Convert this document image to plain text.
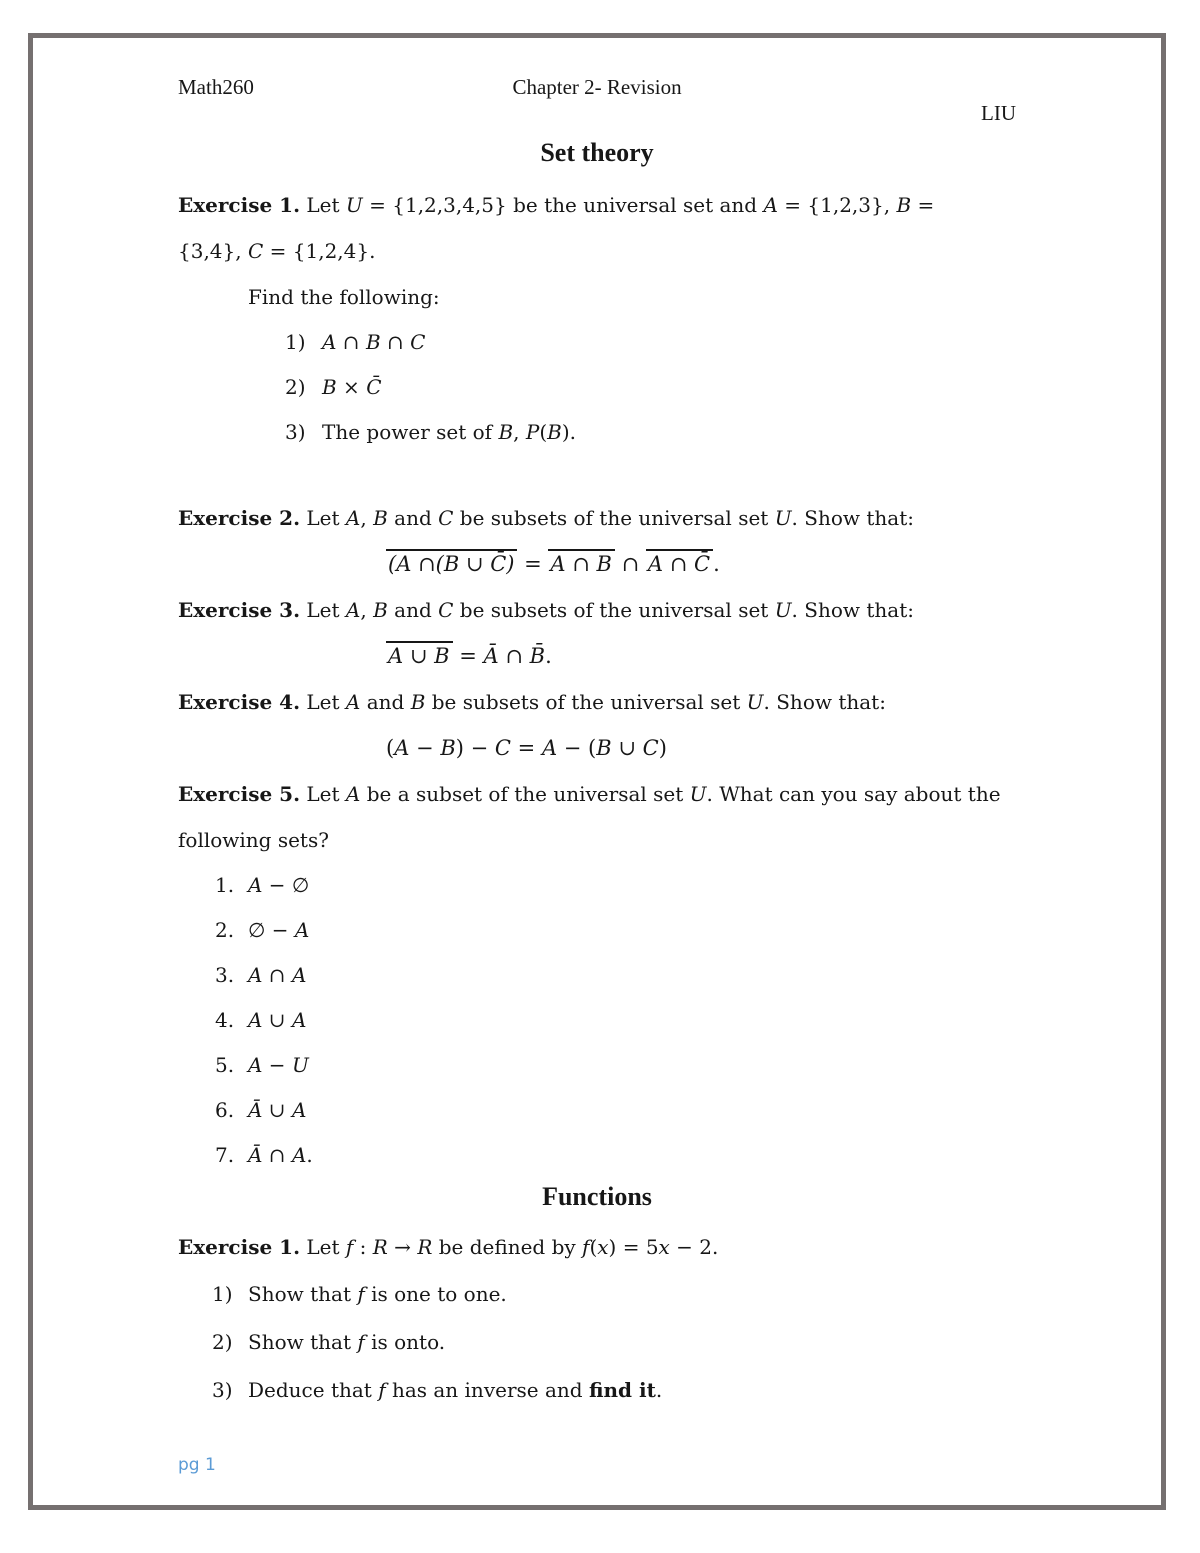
Math260	Chapter 2- Revision
LIU
Set theory
Exercise 1. Let U = {1,2,3,4,5} be the universal set and A = {1,2,3}, B =
{3,4}, C = {1,2,4}.
Find the following:
1) A ∩ B ∩ C
2) B × C̄
3) The power set of B, P(B).
Exercise 2. Let A, B and C be subsets of the universal set U. Show that:
(A ∩(B ∪ C̄) = A ∩ B ∩ A ∩ C̄ .
Exercise 3. Let A, B and C be subsets of the universal set U. Show that:
A ∪ B = Ā ∩ B̄.
Exercise 4. Let A and B be subsets of the universal set U. Show that:
(A − B) − C = A − (B ∪ C)
Exercise 5. Let A be a subset of the universal set U. What can you say about the
following sets?
1. A − ∅
2. ∅ − A
3. A ∩ A
4. A ∪ A
5. A − U
6. Ā ∪ A
7. Ā ∩ A.
Functions
Exercise 1. Let f : R → R be defined by f(x) = 5x − 2.
1) Show that f is one to one.
2) Show that f is onto.
3) Deduce that f has an inverse and find it.
pg 1
